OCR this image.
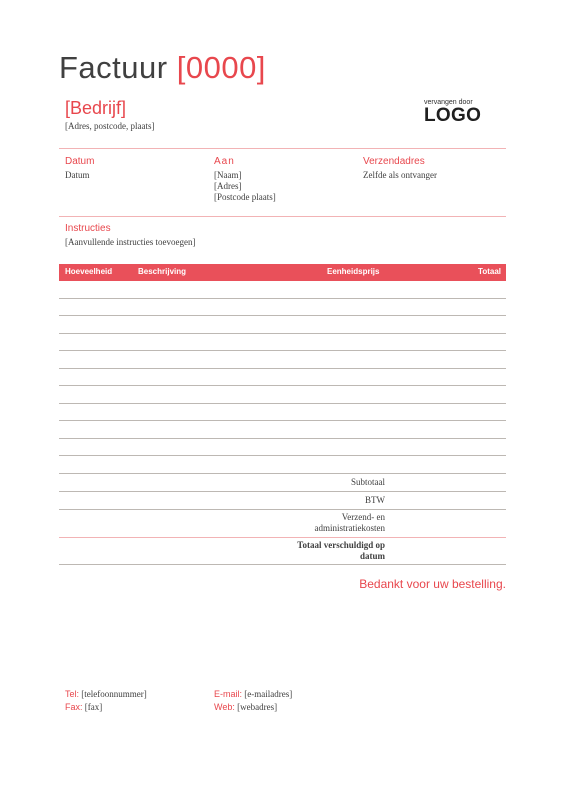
Factuur [0000]
[Bedrijf]
[Adres, postcode, plaats]
vervangen door
LOGO
Datum
Datum
Aan
[Naam]
[Adres]
[Postcode plaats]
Verzendadres
Zelfde als ontvanger
Instructies
[Aanvullende instructies toevoegen]
Hoeveelheid	Beschrijving	Eenheidsprijs	Totaal
Subtotaal
BTW
Verzend- en administratiekosten
Totaal verschuldigd op datum
Bedankt voor uw bestelling.
Tel: [telefoonnummer]
Fax: [fax]
E-mail: [e-mailadres]
Web: [webadres]
